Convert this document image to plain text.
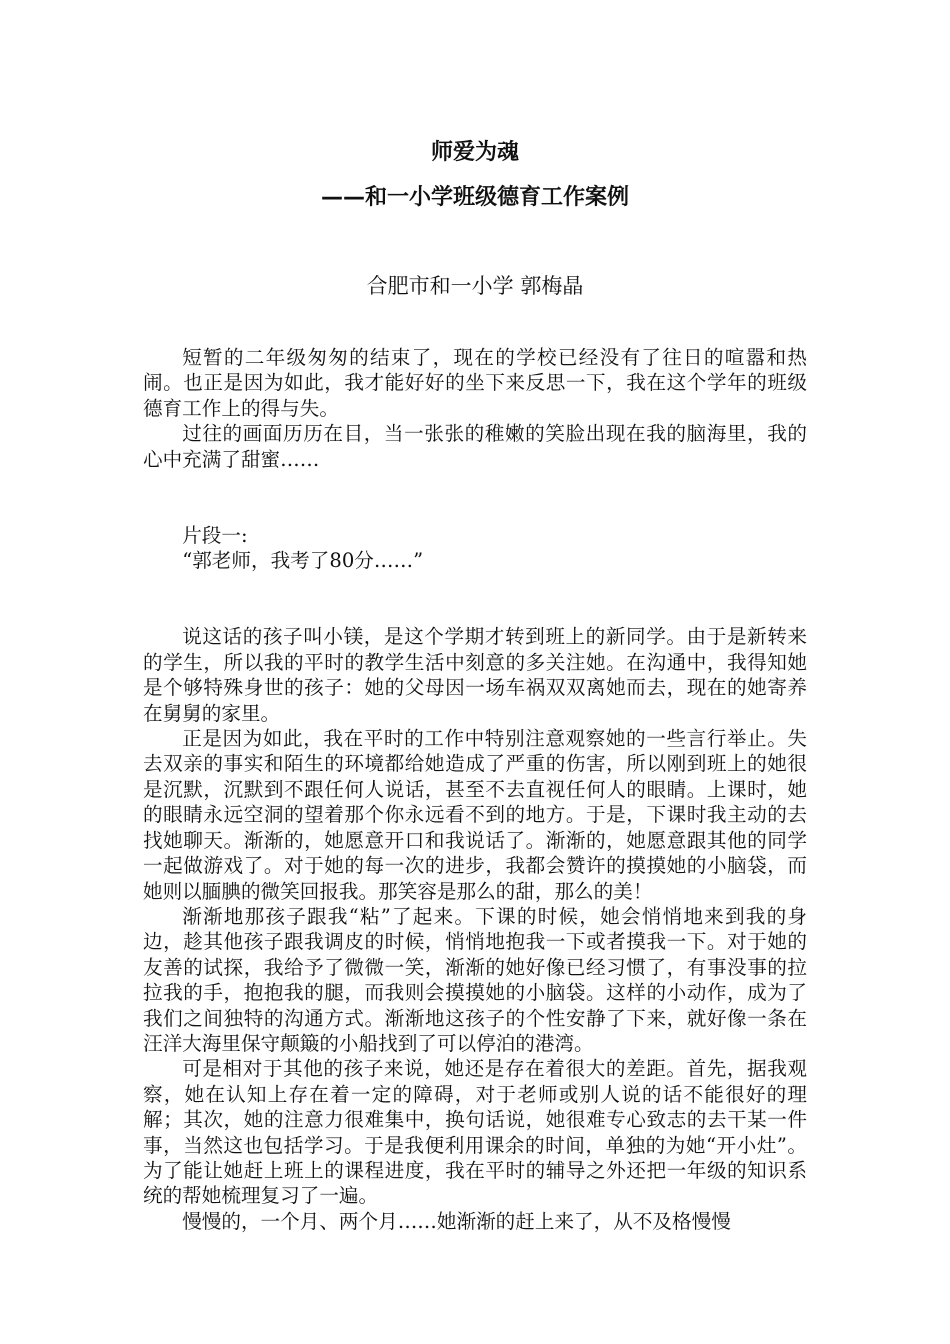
师爱为魂
——和一小学班级德育工作案例
合肥市和一小学 郭梅晶

短暂的二年级匆匆的结束了，现在的学校已经没有了往日的喧嚣和热闹。也正是因为如此，我才能好好的坐下来反思一下，我在这个学年的班级德育工作上的得与失。

过往的画面历历在目，当一张张的稚嫩的笑脸出现在我的脑海里，我的心中充满了甜蜜……

片段一:

“郭老师，我考了80分……”

说这话的孩子叫小镁，是这个学期才转到班上的新同学。由于是新转来的学生，所以我的平时的教学生活中刻意的多关注她。在沟通中，我得知她是个够特殊身世的孩子：她的父母因一场车祸双双离她而去，现在的她寄养在舅舅的家里。

正是因为如此，我在平时的工作中特别注意观察她的一些言行举止。失去双亲的事实和陌生的环境都给她造成了严重的伤害，所以刚到班上的她很是沉默，沉默到不跟任何人说话，甚至不去直视任何人的眼睛。上课时，她的眼睛永远空洞的望着那个你永远看不到的地方。于是，下课时我主动的去找她聊天。渐渐的，她愿意开口和我说话了。渐渐的，她愿意跟其他的同学一起做游戏了。对于她的每一次的进步，我都会赞许的摸摸她的小脑袋，而她则以腼腆的微笑回报我。那笑容是那么的甜，那么的美！

渐渐地那孩子跟我“粘”了起来。下课的时候，她会悄悄地来到我的身边，趁其他孩子跟我调皮的时候，悄悄地抱我一下或者摸我一下。对于她的友善的试探，我给予了微微一笑，渐渐的她好像已经习惯了，有事没事的拉拉我的手，抱抱我的腿，而我则会摸摸她的小脑袋。这样的小动作，成为了我们之间独特的沟通方式。渐渐地这孩子的个性安静了下来，就好像一条在汪洋大海里保守颠簸的小船找到了可以停泊的港湾。

可是相对于其他的孩子来说，她还是存在着很大的差距。首先，据我观察，她在认知上存在着一定的障碍，对于老师或别人说的话不能很好的理解；其次，她的注意力很难集中，换句话说，她很难专心致志的去干某一件事，当然这也包括学习。于是我便利用课余的时间，单独的为她“开小灶”。为了能让她赶上班上的课程进度，我在平时的辅导之外还把一年级的知识系统的帮她梳理复习了一遍。

慢慢的，一个月、两个月……她渐渐的赶上来了，从不及格慢慢
